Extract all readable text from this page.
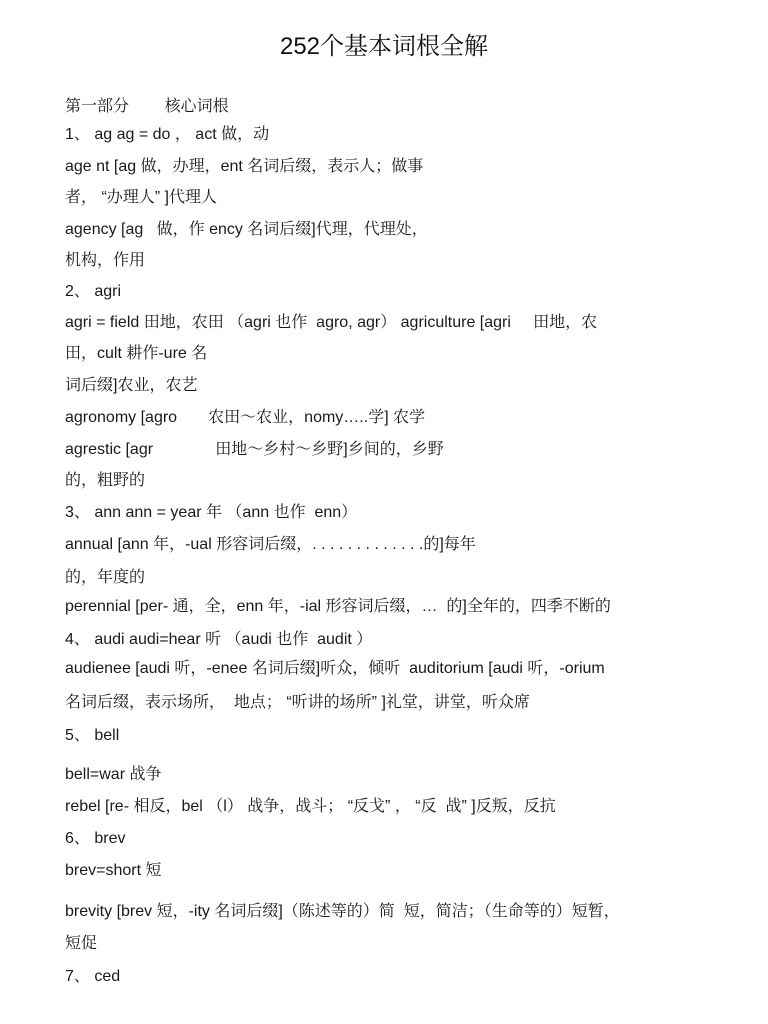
252个基本词根全解
第一部分        核心词根
1、 ag ag = do ， act 做，动
age nt [ag 做，办理，ent 名词后缀，表示人；做事
者， “办理人” ]代理人
agency [ag   做，作 ency 名词后缀]代理，代理处，
机构，作用
2、 agri
agri = field 田地，农田 （agri 也作  agro, agr） agriculture [agri     田地，农
田，cult 耕作-ure 名
词后缀]农业，农艺
agronomy [agro       农田〜农业，nomy…..学] 农学
agrestic [agr              田地〜乡村〜乡野]乡间的，乡野
的，粗野的
3、 ann ann = year 年 （ann 也作  enn）
annual [ann 年，-ual 形容词后缀，. . . . . . . . . . . . .的]每年
的，年度的
perennial [per- 通，全，enn 年，-ial 形容词后缀，…  的]全年的，四季不断的
4、 audi audi=hear 听 （audi 也作  audit ）
audienee [audi 听，-enee 名词后缀]听众，倾听  auditorium [audi 听，-orium
名词后缀，表示场所，  地点； “听讲的场所” ]礼堂，讲堂，听众席
5、 bell
bell=war 战争
rebel [re- 相反，bel （l） 战争，战斗； “反戈” ， “反  战” ]反叛，反抗
6、 brev
brev=short 短
brevity [brev 短，-ity 名词后缀]（陈述等的）简  短，简洁；（生命等的）短暂，
短促
7、 ced
